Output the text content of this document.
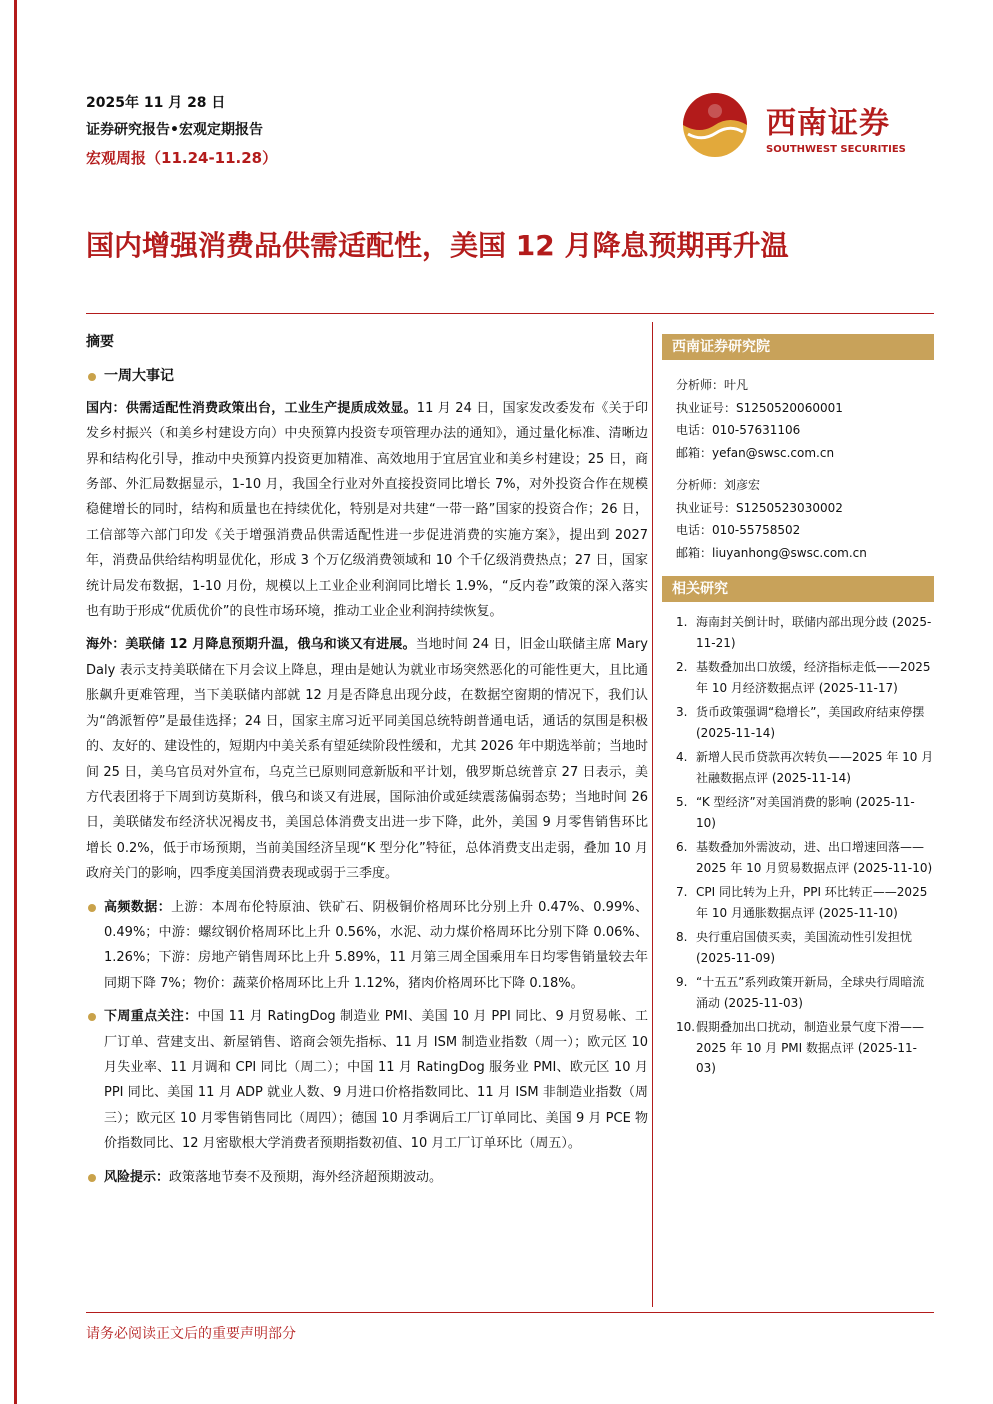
2025年 11 月 28 日
证券研究报告•宏观定期报告
宏观周报（11.24-11.28）
西南证券
SOUTHWEST SECURITIES
国内增强消费品供需适配性，美国 12 月降息预期再升温

摘要

一周大事记

国内：供需适配性消费政策出台，工业生产提质成效显。11 月 24 日，国家发改委发布《关于印发乡村振兴（和美乡村建设方向）中央预算内投资专项管理办法的通知》，通过量化标准、清晰边界和结构化引导，推动中央预算内投资更加精准、高效地用于宜居宜业和美乡村建设；25 日，商务部、外汇局数据显示，1-10 月，我国全行业对外直接投资同比增长 7%，对外投资合作在规模稳健增长的同时，结构和质量也在持续优化，特别是对共建“一带一路”国家的投资合作；26 日，工信部等六部门印发《关于增强消费品供需适配性进一步促进消费的实施方案》，提出到 2027 年，消费品供给结构明显优化，形成 3 个万亿级消费领域和 10 个千亿级消费热点；27 日，国家统计局发布数据，1-10 月份，规模以上工业企业利润同比增长 1.9%，“反内卷”政策的深入落实也有助于形成“优质优价”的良性市场环境，推动工业企业利润持续恢复。

海外：美联储 12 月降息预期升温，俄乌和谈又有进展。当地时间 24 日，旧金山联储主席 Mary Daly 表示支持美联储在下月会议上降息，理由是她认为就业市场突然恶化的可能性更大，且比通胀飙升更难管理，当下美联储内部就 12 月是否降息出现分歧，在数据空窗期的情况下，我们认为“鸽派暂停”是最佳选择；24 日，国家主席习近平同美国总统特朗普通电话，通话的氛围是积极的、友好的、建设性的，短期内中美关系有望延续阶段性缓和，尤其 2026 年中期选举前；当地时间 25 日，美乌官员对外宣布，乌克兰已原则同意新版和平计划，俄罗斯总统普京 27 日表示，美方代表团将于下周到访莫斯科，俄乌和谈又有进展，国际油价或延续震荡偏弱态势；当地时间 26 日，美联储发布经济状况褐皮书，美国总体消费支出进一步下降，此外，美国 9 月零售销售环比增长 0.2%，低于市场预期，当前美国经济呈现“K 型分化”特征，总体消费支出走弱，叠加 10 月政府关门的影响，四季度美国消费表现或弱于三季度。

高频数据：上游：本周布伦特原油、铁矿石、阴极铜价格周环比分别上升 0.47%、0.99%、0.49%；中游：螺纹钢价格周环比上升 0.56%，水泥、动力煤价格周环比分别下降 0.06%、1.26%；下游：房地产销售周环比上升 5.89%，11 月第三周全国乘用车日均零售销量较去年同期下降 7%；物价：蔬菜价格周环比上升 1.12%，猪肉价格周环比下降 0.18%。

下周重点关注：中国 11 月 RatingDog 制造业 PMI、美国 10 月 PPI 同比、9 月贸易帐、工厂订单、营建支出、新屋销售、谘商会领先指标、11 月 ISM 制造业指数（周一）；欧元区 10 月失业率、11 月调和 CPI 同比（周二）；中国 11 月 RatingDog 服务业 PMI、欧元区 10 月 PPI 同比、美国 11 月 ADP 就业人数、9 月进口价格指数同比、11 月 ISM 非制造业指数（周三）；欧元区 10 月零售销售同比（周四）；德国 10 月季调后工厂订单同比、美国 9 月 PCE 物价指数同比、12 月密歇根大学消费者预期指数初值、10 月工厂订单环比（周五）。

风险提示：政策落地节奏不及预期，海外经济超预期波动。

西南证券研究院
分析师：叶凡
执业证号：S1250520060001
电话：010-57631106
邮箱：yefan@swsc.com.cn
分析师：刘彦宏
执业证号：S1250523030002
电话：010-55758502
邮箱：liuyanhong@swsc.com.cn
相关研究
1. 海南封关倒计时，联储内部出现分歧 (2025-11-21)
2. 基数叠加出口放缓，经济指标走低——2025 年 10 月经济数据点评 (2025-11-17)
3. 货币政策强调“稳增长”，美国政府结束停摆 (2025-11-14)
4. 新增人民币贷款再次转负——2025 年 10 月社融数据点评 (2025-11-14)
5. “K 型经济”对美国消费的影响 (2025-11-10)
6. 基数叠加外需波动，进、出口增速回落——2025 年 10 月贸易数据点评 (2025-11-10)
7. CPI 同比转为上升，PPI 环比转正——2025 年 10 月通胀数据点评 (2025-11-10)
8. 央行重启国债买卖，美国流动性引发担忧 (2025-11-09)
9. “十五五”系列政策开新局，全球央行周暗流涌动 (2025-11-03)
10. 假期叠加出口扰动，制造业景气度下滑——2025 年 10 月 PMI 数据点评 (2025-11-03)
请务必阅读正文后的重要声明部分
